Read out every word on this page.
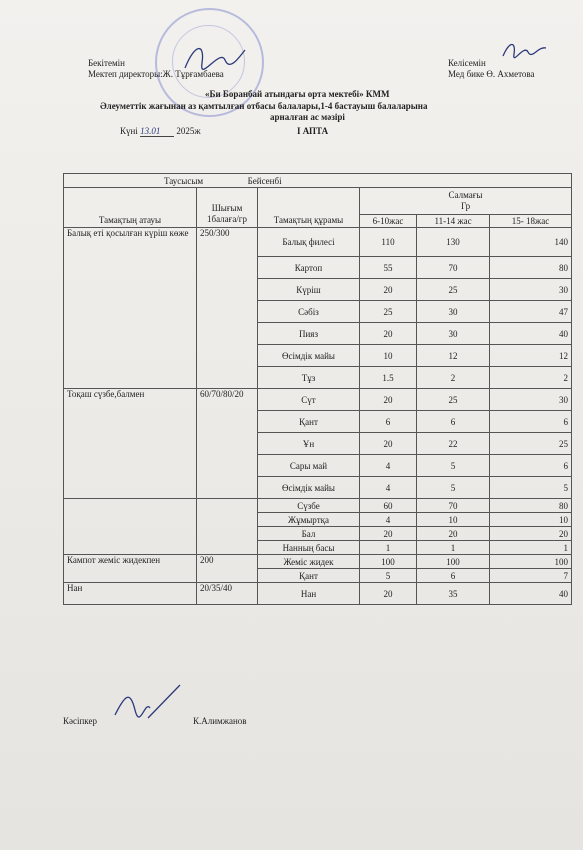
Бекітемін
Мектеп директоры:Ж. Тұрғамбаева
Келісемін
Мед бике Ө. Ахметова
«Би Боранбай атындағы орта мектебі» КММ
Әлеуметтік жағынан аз қамтылған отбасы балалары,1-4 бастауыш балаларына
арналған ас мәзірі
Күні 13.01 2025ж	І АПТА
Таусысым Бейсенбі					
Тамақтың атауы	Шығым 1балаға/гр	Тамақтың құрамы	Салмағы
Гр		

			6-10жас	11-14 жас	15- 18жас
Балық еті қосылған күріш көже	250/300	Балық филесі	110	130	140
		Картоп	55	70	80
		Күріш	20	25	30
		Сәбіз	25	30	47
		Пияз	20	30	40
		Өсімдік майы	10	12	12
		Тұз	1.5	2	2
Тоқаш сүзбе,балмен	60/70/80/20	Сүт	20	25	30
		Қант	6	6	6
		Ұн	20	22	25
		Сары май	4	5	6
		Өсімдік майы	4	5	5
		Сүзбе	60	70	80
		Жұмыртқа	4	10	10
		Бал	20	20	20
		Нанның басы	1	1	1
Кампот жеміс жидекпен	200	Жеміс жидек	100	100	100
		Қант	5	6	7
Нан	20/35/40	Нан	20	35	40
Кәсіпкер	К.Алимжанов
